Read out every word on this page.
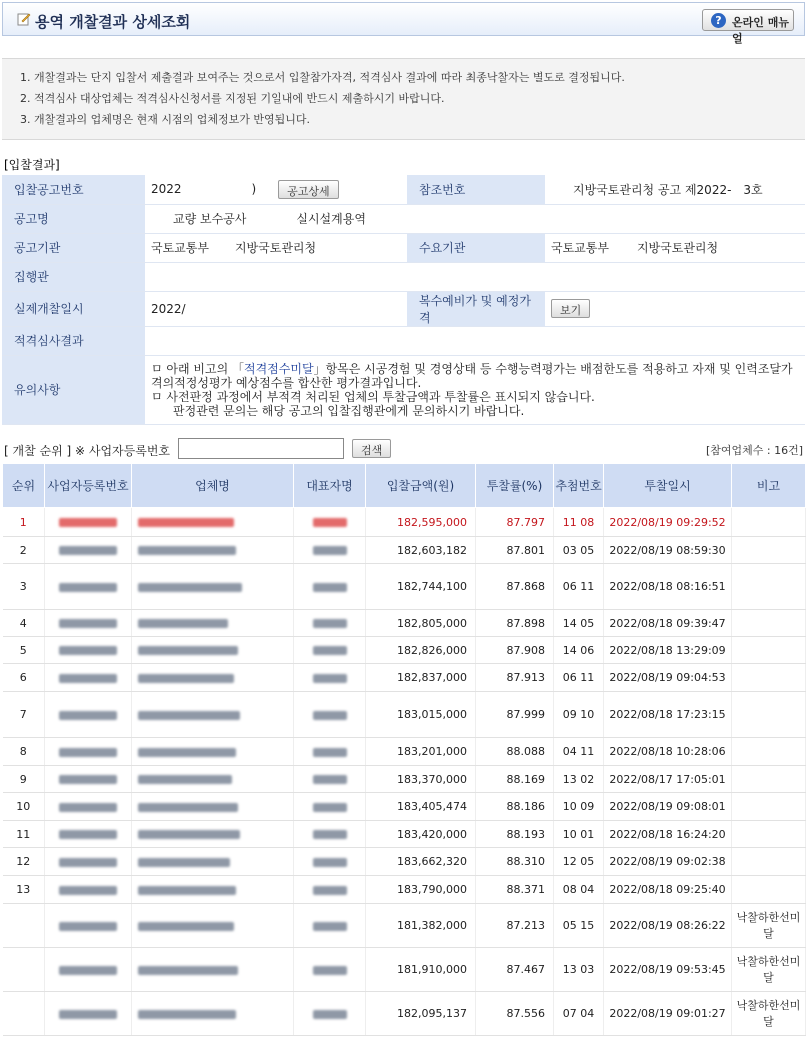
용역 개찰결과 상세조회	? 온라인 매뉴얼
1. 개찰결과는 단지 입찰서 제출결과 보여주는 것으로서 입찰참가자격, 적격심사 결과에 따라 최종낙찰자는 별도로 결정됩니다.
2. 적격심사 대상업체는 적격심사신청서를 지정된 기일내에 반드시 제출하시기 바랍니다.
3. 개찰결과의 업체명은 현재 시점의 업체정보가 반영됩니다.
[입찰결과]
입찰공고번호	2022 ) 공고상세	참조번호	지방국토관리청 공고 제2022- 3호
공고명	교량 보수공사 실시설계용역		
공고기관	국토교통부 지방국토관리청	수요기관	국토교통부 지방국토관리청
집행관			
실제개찰일시	2022/	복수예비가 및 예정가격	보기
적격심사결과			
유의사항	ㅁ 아래 비고의 「적격점수미달」항목은 시공경험 및 경영상태 등 수행능력평가는 배점한도를 적용하고 자재 및 인력조달가격의적정성평가 예상점수를 합산한 평가결과입니다.
ㅁ 사전판정 과정에서 부적격 처리된 업체의 투찰금액과 투찰률은 표시되지 않습니다.
판정관련 문의는 해당 공고의 입찰집행관에게 문의하시기 바랍니다.		
[ 개찰 순위 ] ※ 사업자등록번호	검색	[참여업체수 : 16건]
순위	사업자등록번호	업체명	대표자명	입찰금액(원)	투찰률(%)	추첨번호	투찰일시	비고
1				182,595,000	87.797	11 08	2022/08/19 09:29:52	
2				182,603,182	87.801	03 05	2022/08/19 08:59:30	
3				182,744,100	87.868	06 11	2022/08/18 08:16:51	
4				182,805,000	87.898	14 05	2022/08/18 09:39:47	
5				182,826,000	87.908	14 06	2022/08/18 13:29:09	
6				182,837,000	87.913	06 11	2022/08/19 09:04:53	
7				183,015,000	87.999	09 10	2022/08/18 17:23:15	
8				183,201,000	88.088	04 11	2022/08/18 10:28:06	
9				183,370,000	88.169	13 02	2022/08/17 17:05:01	
10				183,405,474	88.186	10 09	2022/08/19 09:08:01	
11				183,420,000	88.193	10 01	2022/08/18 16:24:20	
12				183,662,320	88.310	12 05	2022/08/19 09:02:38	
13				183,790,000	88.371	08 04	2022/08/18 09:25:40	
				181,382,000	87.213	05 15	2022/08/19 08:26:22	낙찰하한선미달
				181,910,000	87.467	13 03	2022/08/19 09:53:45	낙찰하한선미달
				182,095,137	87.556	07 04	2022/08/19 09:01:27	낙찰하한선미달
